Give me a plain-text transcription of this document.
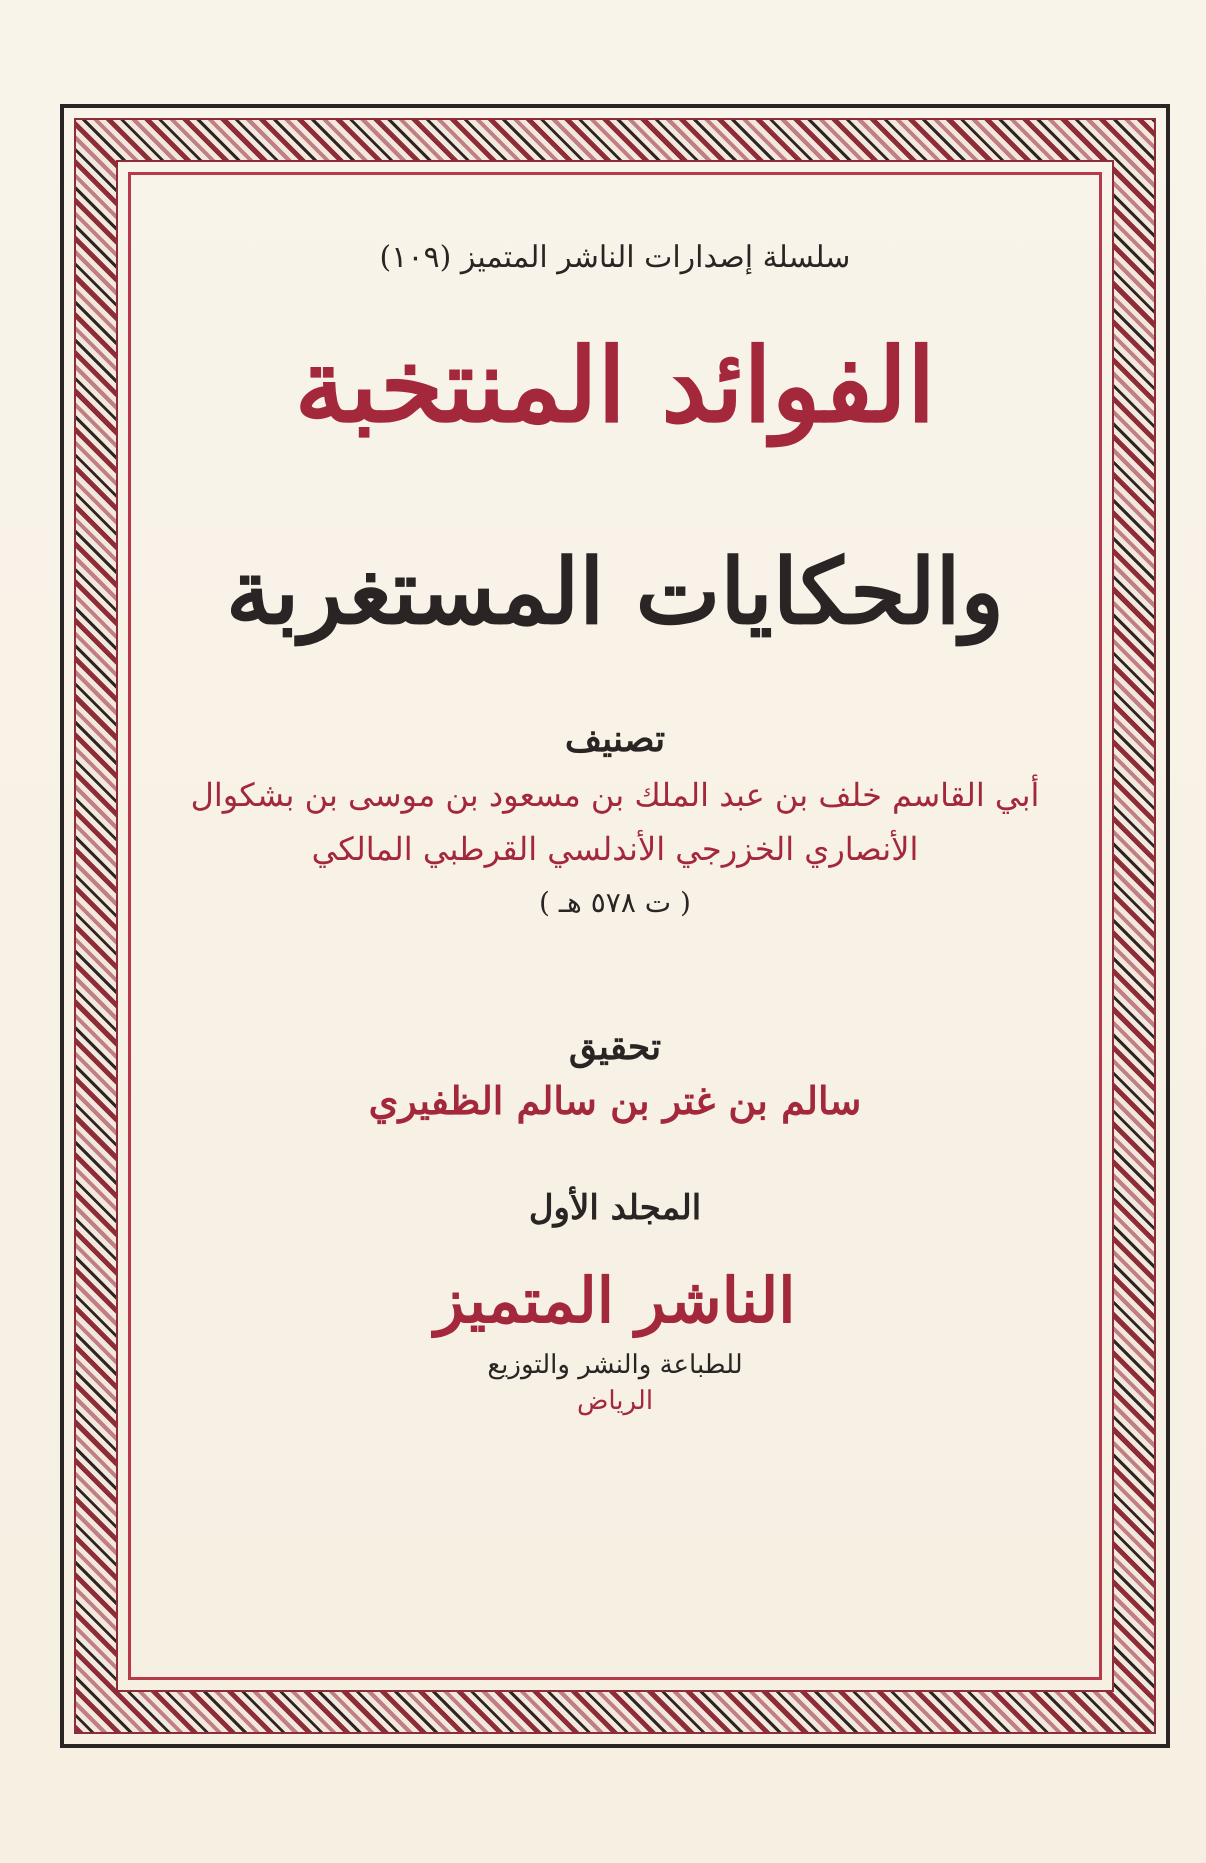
سلسلة إصدارات الناشر المتميز (١٠٩)
الفوائد المنتخبة
والحكايات المستغربة
تصنيف
أبي القاسم خلف بن عبد الملك بن مسعود بن موسى بن بشكوال
الأنصاري الخزرجي الأندلسي القرطبي المالكي
( ت ٥٧٨ هـ )
تحقيق
سالم بن غتر بن سالم الظفيري
المجلد الأول
الناشر المتميز
للطباعة والنشر والتوزيع
الرياض
